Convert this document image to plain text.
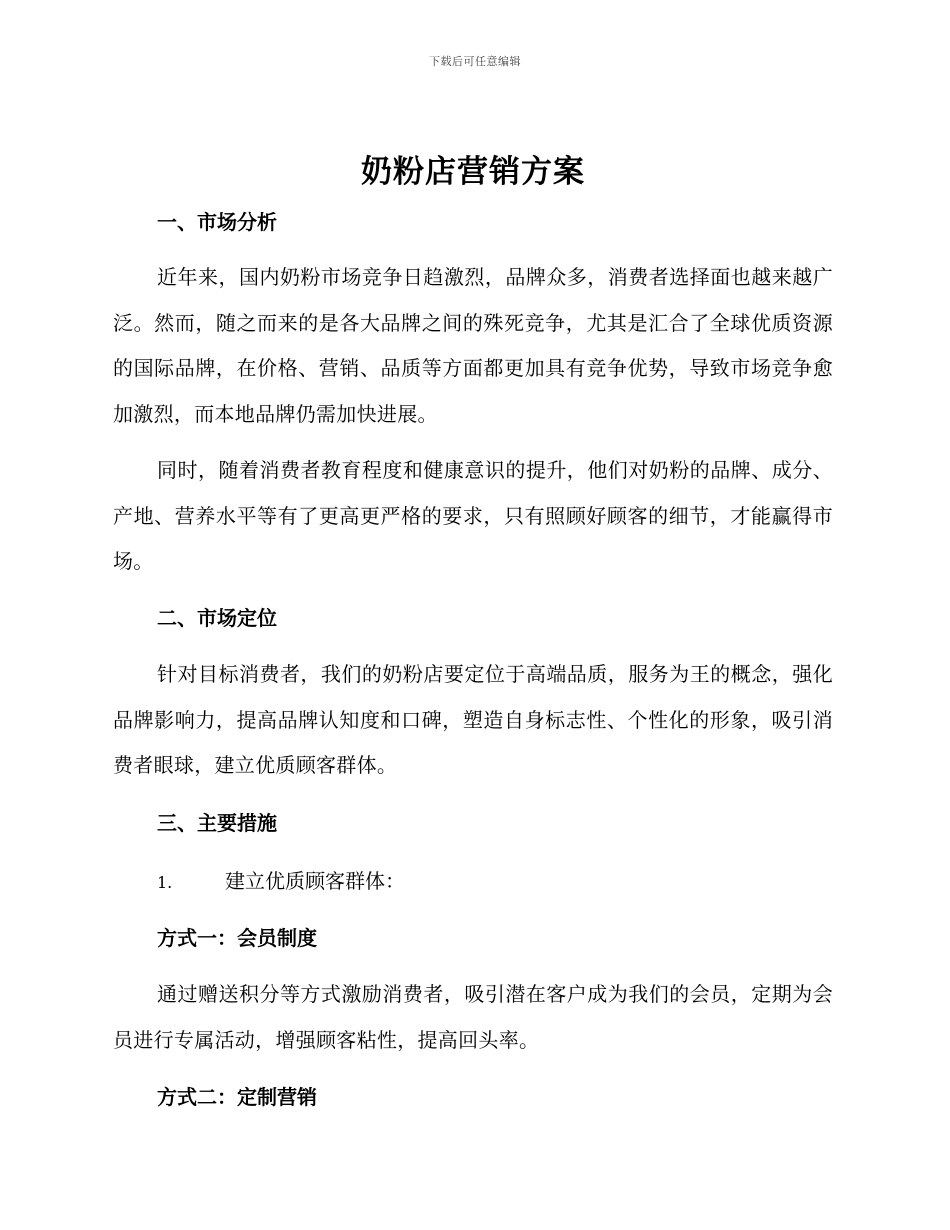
下载后可任意编辑
奶粉店营销方案
一、市场分析

近年来，国内奶粉市场竞争日趋激烈，品牌众多，消费者选择面也越来越广泛。然而，随之而来的是各大品牌之间的殊死竞争，尤其是汇合了全球优质资源的国际品牌，在价格、营销、品质等方面都更加具有竞争优势，导致市场竞争愈加激烈，而本地品牌仍需加快进展。

同时，随着消费者教育程度和健康意识的提升，他们对奶粉的品牌、成分、产地、营养水平等有了更高更严格的要求，只有照顾好顾客的细节，才能赢得市场。

二、市场定位

针对目标消费者，我们的奶粉店要定位于高端品质，服务为王的概念，强化品牌影响力，提高品牌认知度和口碑，塑造自身标志性、个性化的形象，吸引消费者眼球，建立优质顾客群体。

三、主要措施
1.	建立优质顾客群体：
方式一：会员制度

通过赠送积分等方式激励消费者，吸引潜在客户成为我们的会员，定期为会员进行专属活动，增强顾客粘性，提高回头率。

方式二：定制营销
